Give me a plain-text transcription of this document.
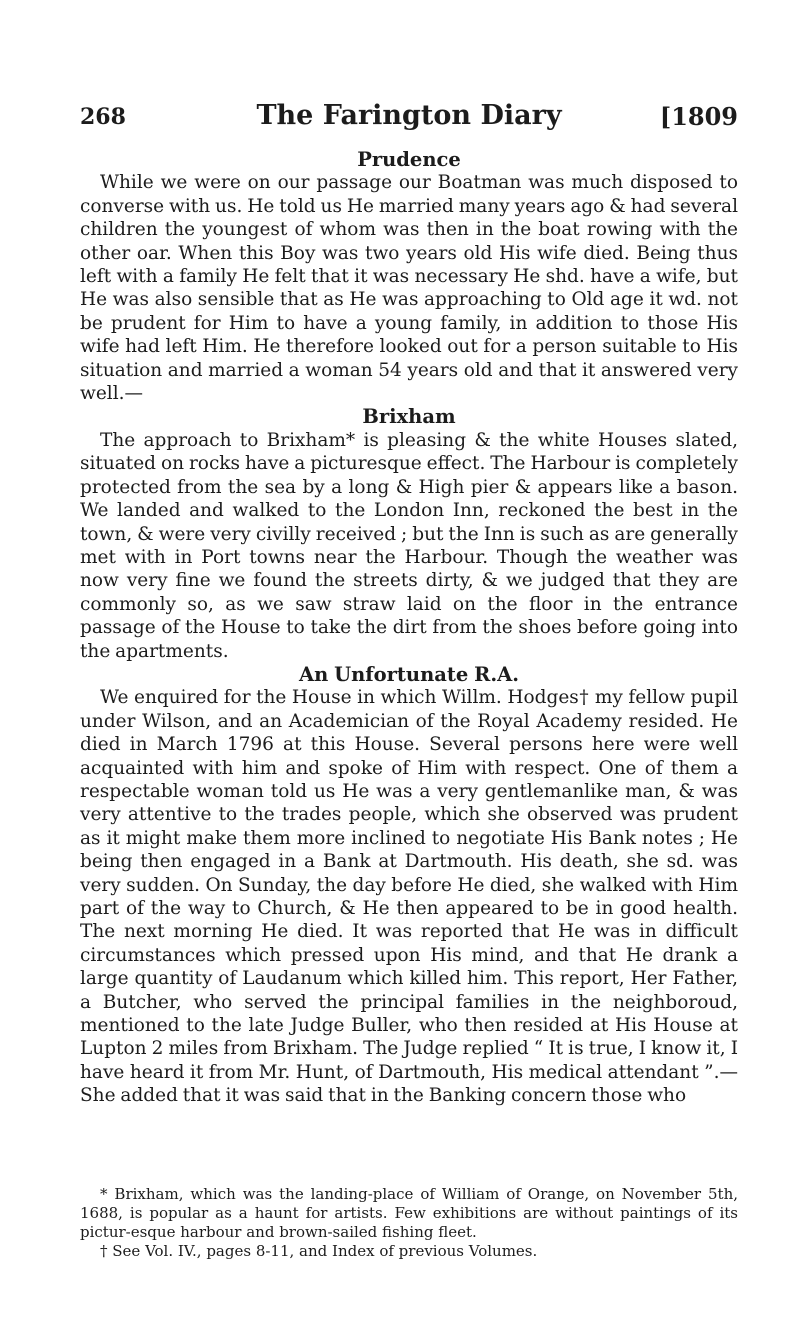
268	The Farington Diary	[1809
Prudence

While we were on our passage our Boatman was much disposed to converse with us. He told us He married many years ago & had several children the youngest of whom was then in the boat rowing with the other oar. When this Boy was two years old His wife died. Being thus left with a family He felt that it was necessary He shd. have a wife, but He was also sensible that as He was approaching to Old age it wd. not be prudent for Him to have a young family, in addition to those His wife had left Him. He therefore looked out for a person suitable to His situation and married a woman 54 years old and that it answered very well.—

Brixham

The approach to Brixham* is pleasing & the white Houses slated, situated on rocks have a picturesque effect. The Harbour is completely protected from the sea by a long & High pier & appears like a bason. We landed and walked to the London Inn, reckoned the best in the town, & were very civilly received ; but the Inn is such as are generally met with in Port towns near the Harbour. Though the weather was now very fine we found the streets dirty, & we judged that they are commonly so, as we saw straw laid on the floor in the entrance passage of the House to take the dirt from the shoes before going into the apartments.

An Unfortunate R.A.

We enquired for the House in which Willm. Hodges† my fellow pupil under Wilson, and an Academician of the Royal Academy resided. He died in March 1796 at this House. Several persons here were well acquainted with him and spoke of Him with respect. One of them a respectable woman told us He was a very gentlemanlike man, & was very attentive to the trades people, which she observed was prudent as it might make them more inclined to negotiate His Bank notes ; He being then engaged in a Bank at Dartmouth. His death, she sd. was very sudden. On Sunday, the day before He died, she walked with Him part of the way to Church, & He then appeared to be in good health. The next morning He died. It was reported that He was in difficult circumstances which pressed upon His mind, and that He drank a large quantity of Laudanum which killed him. This report, Her Father, a Butcher, who served the principal families in the neighboroud, mentioned to the late Judge Buller, who then resided at His House at Lupton 2 miles from Brixham. The Judge replied “ It is true, I know it, I have heard it from Mr. Hunt, of Dartmouth, His medical attendant ”.— She added that it was said that in the Banking concern those who

* Brixham, which was the landing-place of William of Orange, on November 5th, 1688, is popular as a haunt for artists. Few exhibitions are without paintings of its pictur-esque harbour and brown-sailed fishing fleet.

† See Vol. IV., pages 8-11, and Index of previous Volumes.
